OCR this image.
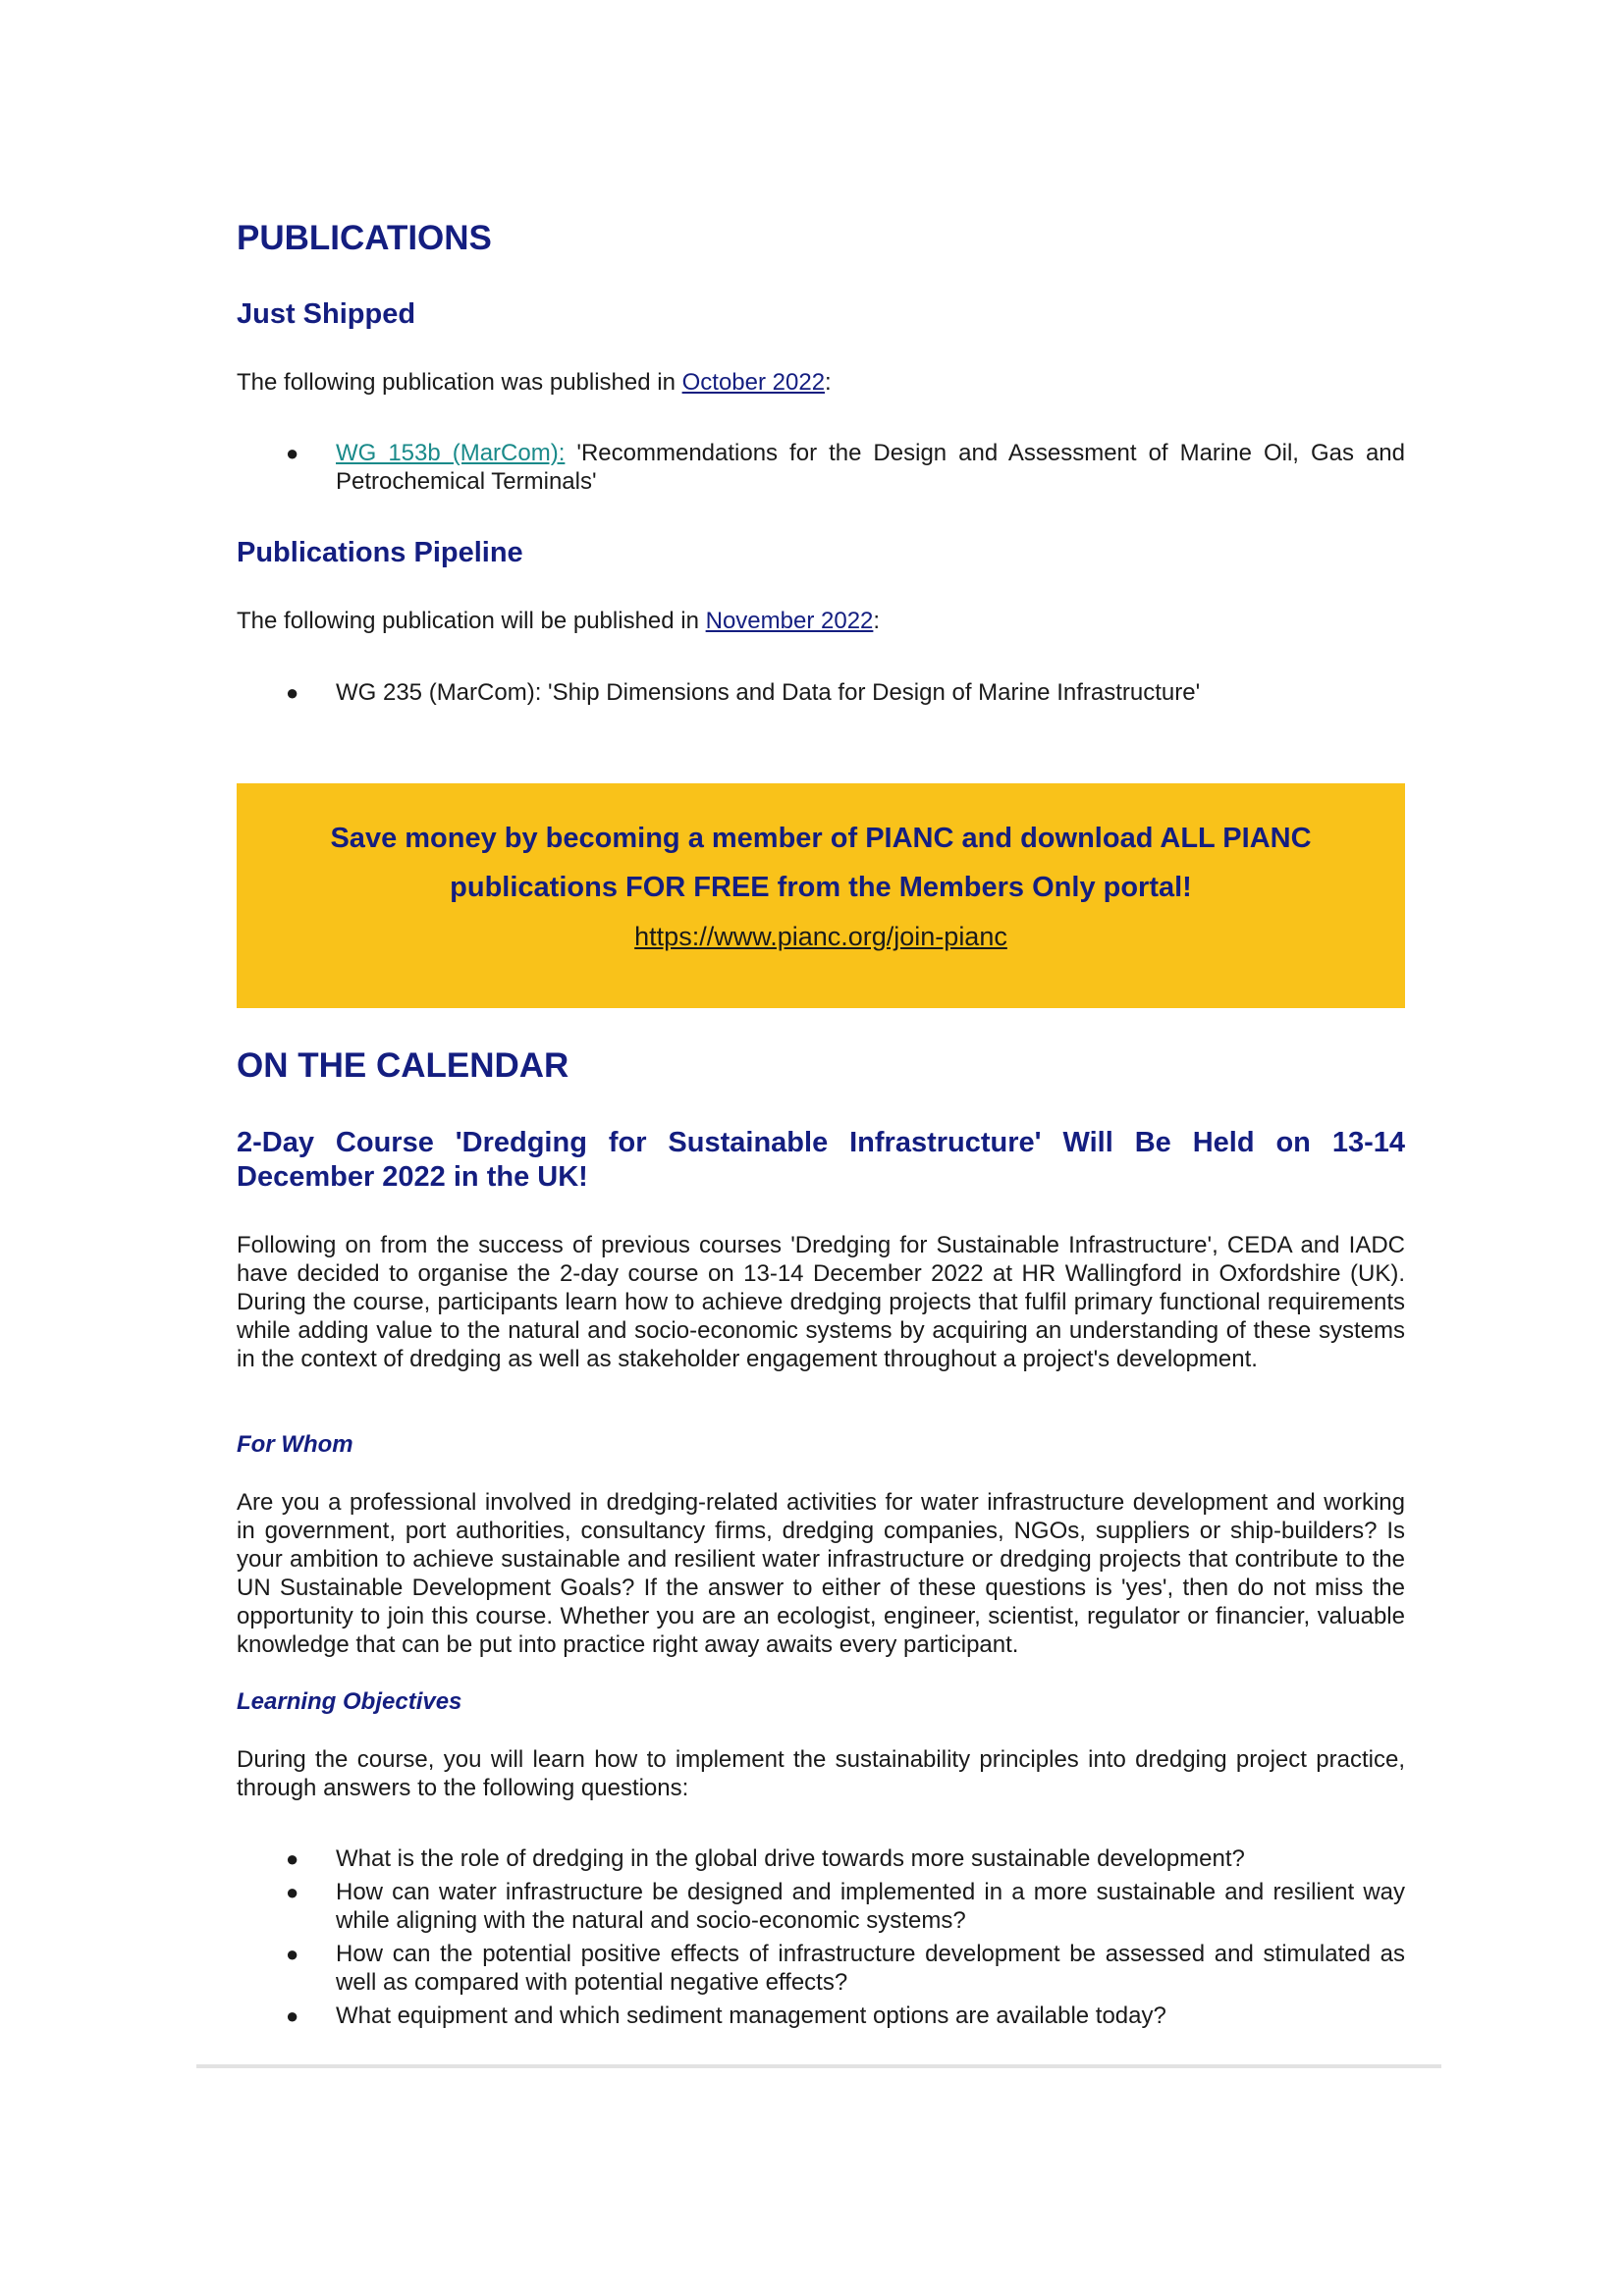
PUBLICATIONS
Just Shipped

The following publication was published in October 2022:

● WG 153b (MarCom): 'Recommendations for the Design and Assessment of Marine Oil, Gas and Petrochemical Terminals'
Publications Pipeline

The following publication will be published in November 2022:

● WG 235 (MarCom): 'Ship Dimensions and Data for Design of Marine Infrastructure'
Save money by becoming a member of PIANC and download ALL PIANC
publications FOR FREE from the Members Only portal!
https://www.pianc.org/join-pianc
ON THE CALENDAR
2-Day Course 'Dredging for Sustainable Infrastructure' Will Be Held on 13-14 December 2022 in the UK!

Following on from the success of previous courses 'Dredging for Sustainable Infrastructure', CEDA and IADC have decided to organise the 2-day course on 13-14 December 2022 at HR Wallingford in Oxfordshire (UK). During the course, participants learn how to achieve dredging projects that fulfil primary functional requirements while adding value to the natural and socio-economic systems by acquiring an understanding of these systems in the context of dredging as well as stakeholder engagement throughout a project's development.

For Whom

Are you a professional involved in dredging-related activities for water infrastructure development and working in government, port authorities, consultancy firms, dredging companies, NGOs, suppliers or ship-builders? Is your ambition to achieve sustainable and resilient water infrastructure or dredging projects that contribute to the UN Sustainable Development Goals? If the answer to either of these questions is 'yes', then do not miss the opportunity to join this course. Whether you are an ecologist, engineer, scientist, regulator or financier, valuable knowledge that can be put into practice right away awaits every participant.

Learning Objectives

During the course, you will learn how to implement the sustainability principles into dredging project practice, through answers to the following questions:

● What is the role of dredging in the global drive towards more sustainable development?
● How can water infrastructure be designed and implemented in a more sustainable and resilient way while aligning with the natural and socio-economic systems?
● How can the potential positive effects of infrastructure development be assessed and stimulated as well as compared with potential negative effects?
● What equipment and which sediment management options are available today?
